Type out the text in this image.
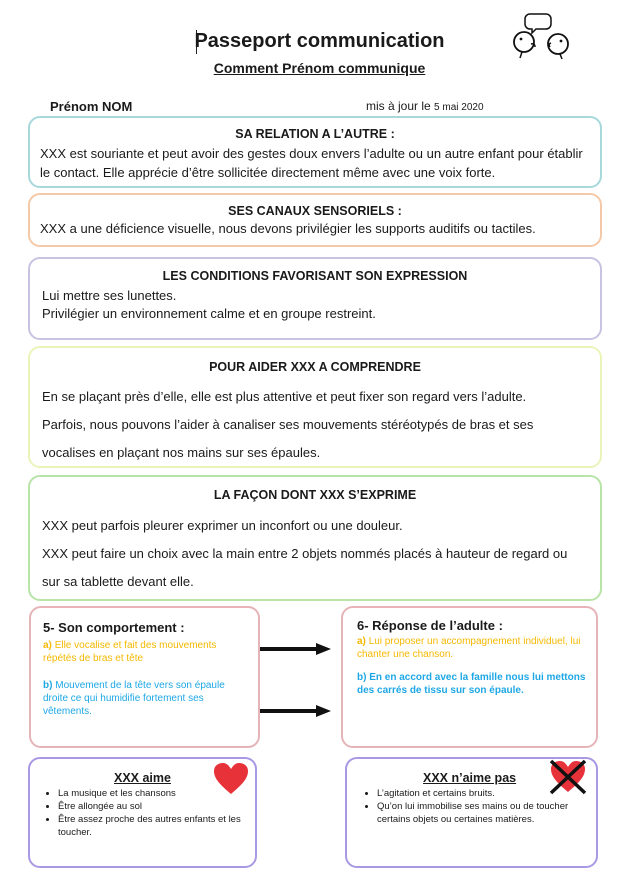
Passeport communication
Comment Prénom communique
Prénom NOM	mis à jour le 5 mai 2020
SA RELATION A L’AUTRE :
XXX est souriante et peut avoir des gestes doux envers l’adulte ou un autre enfant pour établir le contact. Elle apprécie d’être sollicitée directement même avec une voix forte.
SES CANAUX SENSORIELS :
XXX a une déficience visuelle, nous devons privilégier les supports auditifs ou tactiles.
LES CONDITIONS FAVORISANT SON EXPRESSION
Lui mettre ses lunettes.
Privilégier un environnement calme et en groupe restreint.
POUR AIDER XXX A COMPRENDRE
En se plaçant près d’elle, elle est plus attentive et peut fixer son regard vers l’adulte.
Parfois, nous pouvons l’aider à canaliser ses mouvements stéréotypés de bras et ses vocalises en plaçant nos mains sur ses épaules.
LA FAÇON DONT XXX S’EXPRIME
XXX peut parfois pleurer exprimer un inconfort ou une douleur.
XXX peut faire un choix avec la main entre 2 objets nommés placés à hauteur de regard ou sur sa tablette devant elle.
5- Son comportement :
a) Elle vocalise et fait des mouvements répétés de bras et tête
b) Mouvement de la tête vers son épaule droite ce qui humidifie fortement ses vêtements.
6- Réponse de l’adulte :
a) Lui proposer un accompagnement individuel, lui chanter une chanson.
b) En en accord avec la famille nous lui mettons des carrés de tissu sur son épaule.
XXX aime
• La musique et les chansons
• Être allongée au sol
• Être assez proche des autres enfants et les toucher.
XXX n’aime pas
• L’agitation et certains bruits.
• Qu’on lui immobilise ses mains ou de toucher certains objets ou certaines matières.
